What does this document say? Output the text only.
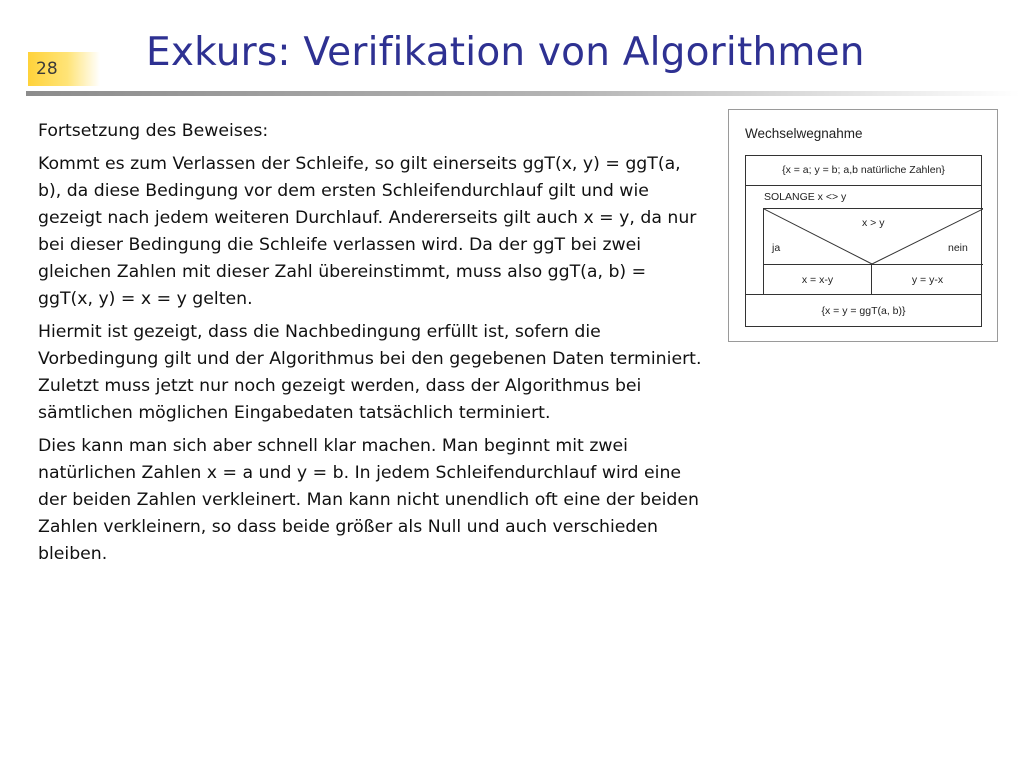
28	Exkurs: Verifikation von Algorithmen

Fortsetzung des Beweises:

Kommt es zum Verlassen der Schleife, so gilt einerseits ggT(x, y) = ggT(a, b), da diese Bedingung vor dem ersten Schleifendurchlauf gilt und wie gezeigt nach jedem weiteren Durchlauf. Andererseits gilt auch x = y, da nur bei dieser Bedingung die Schleife verlassen wird. Da der ggT bei zwei gleichen Zahlen mit dieser Zahl übereinstimmt, muss also ggT(a, b) = ggT(x, y) = x = y gelten.

Hiermit ist gezeigt, dass die Nachbedingung erfüllt ist, sofern die Vorbedingung gilt und der Algorithmus bei den gegebenen Daten terminiert. Zuletzt muss jetzt nur noch gezeigt werden, dass der Algorithmus bei sämtlichen möglichen Eingabedaten tatsächlich terminiert.

Dies kann man sich aber schnell klar machen. Man beginnt mit zwei natürlichen Zahlen x = a und y = b. In jedem Schleifendurchlauf wird eine der beiden Zahlen verkleinert. Man kann nicht unendlich oft eine der beiden Zahlen verkleinern, so dass beide größer als Null und auch verschieden bleiben.

Wechselwegnahme
{x = a; y = b; a,b natürliche Zahlen}
SOLANGE x <> y
x > y
ja	nein
x = x-y	y = y-x
{x = y = ggT(a, b)}
